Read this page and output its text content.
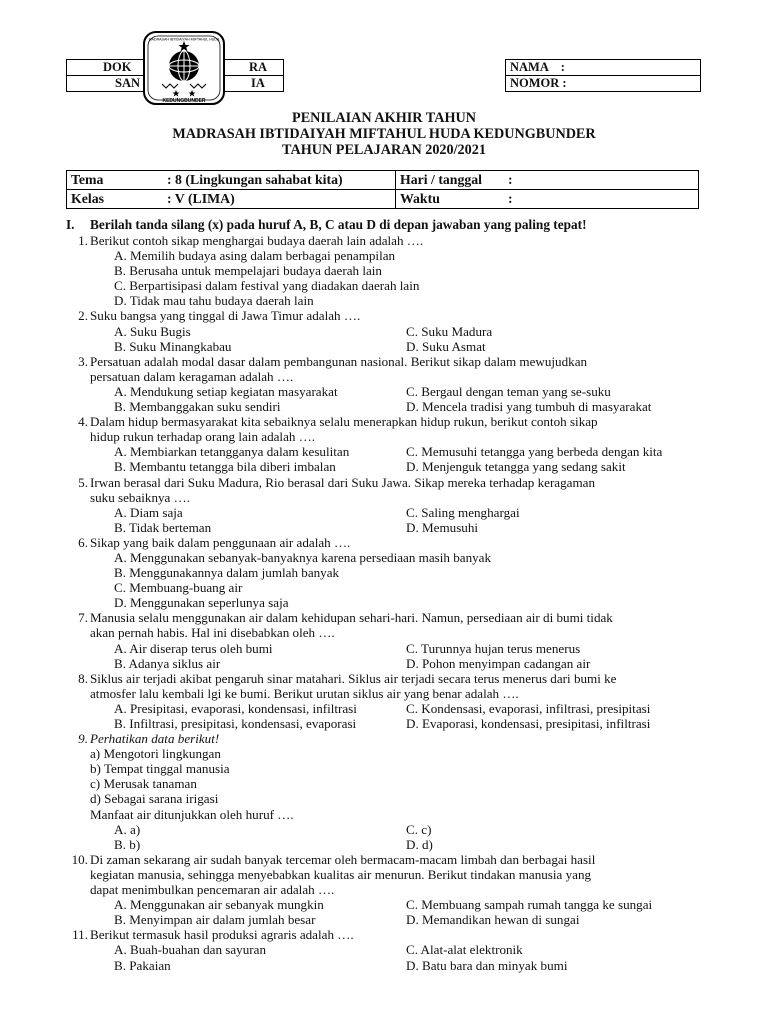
DOK	RA
SAN	IA
NAMA    :
NOMOR :
MADRASAH IBTIDAIYAH MIFTAHUL HUDA
KEDUNGBUNDER
PENILAIAN AKHIR TAHUN
MADRASAH IBTIDAIYAH MIFTAHUL HUDA KEDUNGBUNDER
TAHUN PELAJARAN 2020/2021
Tema : 8 (Lingkungan sahabat kita)	Hari / tanggal :
Kelas : V (LIMA)	Waktu :
I. Berilah tanda silang (x) pada huruf A, B, C atau D di depan jawaban yang paling tepat!
1. Berikut contoh sikap menghargai budaya daerah lain adalah ….
A. Memilih budaya asing dalam berbagai penampilan
B. Berusaha untuk mempelajari budaya daerah lain
C. Berpartisipasi dalam festival yang diadakan daerah lain
D. Tidak mau tahu budaya daerah lain
2. Suku bangsa yang tinggal di Jawa Timur adalah ….
A. Suku Bugis	C. Suku Madura
B. Suku Minangkabau	D. Suku Asmat
3. Persatuan adalah modal dasar dalam pembangunan nasional. Berikut sikap dalam mewujudkan
persatuan dalam keragaman adalah ….
A. Mendukung setiap kegiatan masyarakat	C. Bergaul dengan teman yang se-suku
B. Membanggakan suku sendiri	D. Mencela tradisi yang tumbuh di masyarakat
4. Dalam hidup bermasyarakat kita sebaiknya selalu menerapkan hidup rukun, berikut contoh sikap
hidup rukun terhadap orang lain adalah ….
A. Membiarkan tetangganya dalam kesulitan	C. Memusuhi tetangga yang berbeda dengan kita
B. Membantu tetangga bila diberi imbalan	D. Menjenguk tetangga yang sedang sakit
5. Irwan berasal dari Suku Madura, Rio berasal dari Suku Jawa. Sikap mereka terhadap keragaman
suku sebaiknya ….
A. Diam saja	C. Saling menghargai
B. Tidak berteman	D. Memusuhi
6. Sikap yang baik dalam penggunaan air adalah ….
A. Menggunakan sebanyak-banyaknya karena persediaan masih banyak
B. Menggunakannya dalam jumlah banyak
C. Membuang-buang air
D. Menggunakan seperlunya saja
7. Manusia selalu menggunakan air dalam kehidupan sehari-hari. Namun, persediaan air di bumi tidak
akan pernah habis. Hal ini disebabkan oleh ….
A. Air diserap terus oleh bumi	C. Turunnya hujan terus menerus
B. Adanya siklus air	D. Pohon menyimpan cadangan air
8. Siklus air terjadi akibat pengaruh sinar matahari. Siklus air terjadi secara terus menerus dari bumi ke
atmosfer lalu kembali lgi ke bumi. Berikut urutan siklus air yang benar adalah ….
A. Presipitasi, evaporasi, kondensasi, infiltrasi	C. Kondensasi, evaporasi, infiltrasi, presipitasi
B. Infiltrasi, presipitasi, kondensasi, evaporasi	D. Evaporasi, kondensasi, presipitasi, infiltrasi
9. Perhatikan data berikut!
a) Mengotori lingkungan
b) Tempat tinggal manusia
c) Merusak tanaman
d) Sebagai sarana irigasi
Manfaat air ditunjukkan oleh huruf ….
A. a)	C. c)
B. b)	D. d)
10. Di zaman sekarang air sudah banyak tercemar oleh bermacam-macam limbah dan berbagai hasil
kegiatan manusia, sehingga menyebabkan kualitas air menurun. Berikut tindakan manusia yang
dapat menimbulkan pencemaran air adalah ….
A. Menggunakan air sebanyak mungkin	C. Membuang sampah rumah tangga ke sungai
B. Menyimpan air dalam jumlah besar	D. Memandikan hewan di sungai
11. Berikut termasuk hasil produksi agraris adalah ….
A. Buah-buahan dan sayuran	C. Alat-alat elektronik
B. Pakaian	D. Batu bara dan minyak bumi
